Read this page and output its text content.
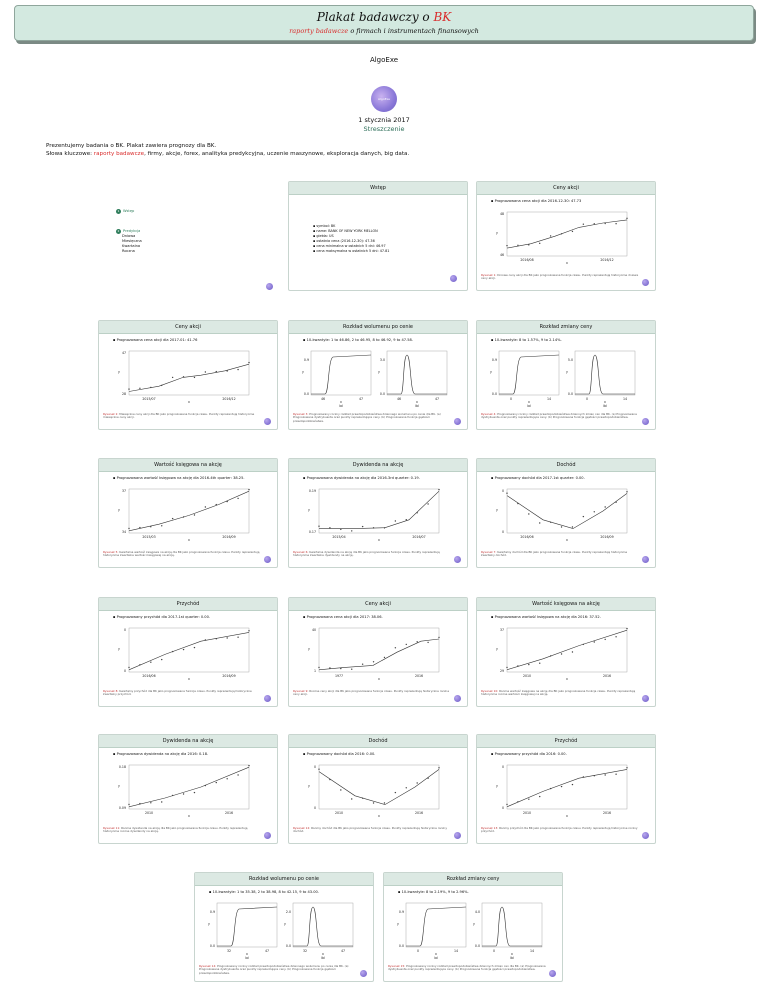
Plakat badawczy o BK
raporty badawcze o firmach i instrumentach finansowych
AlgoExe
AlgoExe
1 stycznia 2017
Streszczenie
Prezentujemy badania o BK. Plakat zawiera prognozy dla BK.
Słowa kluczowe: raporty badawcze, firmy, akcje, forex, analityka predykcyjna, uczenie maszynowe, eksploracja danych, big data.
1 Wstęp
2 Predykcja
Dniowa
Miesięczna
Kwartalna
Roczna
Wstęp
▪ symbol: BK
▪ name: BANK OF NEW YORK MELLON
▪ giełda: US
▪ ostatnia cena (2016-12-30): 47.36
▪ cena minimalna w ostatnich 5 dni: 46.97
▪ cena maksymalna w ostatnich 5 dni: 47.81
Ceny akcji
▪ Prognozowana cena akcji dla 2016-12-30: 47.73
48
46
2016/08	2016/12
x
y
Rysunek 1: Dniowe ceny akcji dla BK jako prognozowana funkcja czasu. Punkty reprezentują historyczne dniowe ceny akcji.
Ceny akcji
▪ Prognozowana cena akcji dla 2017-01: 41.76
47
28
2015/07	2016/12
x
y
Rysunek 2: Miesięczne ceny akcji dla BK jako prognozowana funkcja czasu. Punkty reprezentują historyczne miesięczne ceny akcji.
Rozkład wolumenu po cenie
▪ 10-kwantyle: 1 to 46.86, 2 to 46.95, 8 to 46.92, 9 to 47.58.
0.9
0.0
46	47
x
y
(a)
3.0
0.0
46	47
x
y
(b)
Rysunek 3: Prognozowany roczny rozkład prawdopodobieństwa dziennego wolumenu po cenie dla BK. (a) Prognozowana dystrybuanta oraz punkty reprezentujące ceny. (b) Prognozowana funkcja gęstości prawdopodobieństwa.
Rozkład zmiany ceny
▪ 10-kwantyle: 8 to 1.57%, 9 to 2.14%.
0.9
0.0
0	14
x
y
(a)
5.0
0.0
0	14
x
y
(b)
Rysunek 4: Prognozowany roczny rozkład prawdopodobieństwa dziennych zmian cen dla BK. (a) Prognozowana dystrybuanta oraz punkty reprezentujące ceny. (b) Prognozowana funkcja gęstości prawdopodobieństwa.
Wartość księgowa na akcję
▪ Prognozowana wartość księgowa na akcję dla 2016-4th quarter: 38.25.
37
34
2015/03	2016/09
x
y
Rysunek 5: Kwartalna wartość księgowa na akcję dla BK jako prognozowana funkcja czasu. Punkty reprezentują historyczne kwartalne wartości księgowej na akcję.
Dywidenda na akcję
▪ Prognozowana dywidenda na akcję dla 2016-3rd quarter: 0.19.
0.19
0.17
2015/04	2016/07
x
y
Rysunek 6: Kwartalna dywidenda na akcję dla BK jako prognozowana funkcja czasu. Punkty reprezentują historyczne kwartalne dywidendy na akcję.
Dochód
▪ Prognozowany dochód dla 2017-1st quarter: 0.00.
0
0
2016/06	2016/09
x
y
Rysunek 7: Kwartalny dochód dla BK jako prognozowana funkcja czasu. Punkty reprezentują historyczne kwartalny dochód.
Przychód
▪ Prognozowany przychód dla 2017-1st quarter: 0.00.
0
0
2016/06	2016/09
x
y
Rysunek 8: Kwartalny przychód dla BK jako prognozowana funkcja czasu. Punkty reprezentują historyczne kwartalny przychód.
Ceny akcji
▪ Prognozowana cena akcji dla 2017: 38.06.
40
1
1977	2016
x
y
Rysunek 9: Roczne ceny akcji dla BK jako prognozowana funkcja czasu. Punkty reprezentują historyczne roczne ceny akcji.
Wartość księgowa na akcję
▪ Prognozowana wartość księgowa na akcję dla 2016: 37.52.
37
29
2010	2016
x
y
Rysunek 10: Roczna wartość księgowa na akcję dla BK jako prognozowana funkcja czasu. Punkty reprezentują historyczne roczne wartości księgowej na akcję.
Dywidenda na akcję
▪ Prognozowana dywidenda na akcję dla 2016: 0.18.
0.18
0.09
2010	2016
x
y
Rysunek 11: Roczna dywidenda na akcję dla BK jako prognozowana funkcja czasu. Punkty reprezentują historyczne roczne dywidendy na akcję.
Dochód
▪ Prognozowany dochód dla 2016: 0.00.
0
0
2010	2016
x
y
Rysunek 12: Roczny dochód dla BK jako prognozowana funkcja czasu. Punkty reprezentują historyczne roczny dochód.
Przychód
▪ Prognozowany przychód dla 2016: 0.00.
0
0
2010	2016
x
y
Rysunek 13: Roczny przychód dla BK jako prognozowana funkcja czasu. Punkty reprezentują historyczne roczny przychód.
Rozkład wolumenu po cenie
▪ 10-kwantyle: 1 to 35.38, 2 to 38.98, 8 to 42.15, 9 to 43.00.
0.9
0.0
32	47
x
y
(a)
2.0
0.0
32	47
x
y
(b)
Rysunek 14: Prognozowany roczny rozkład prawdopodobieństwa dziennego wolumenu po cenie dla BK. (a) Prognozowana dystrybuanta oraz punkty reprezentujące ceny. (b) Prognozowana funkcja gęstości prawdopodobieństwa.
Rozkład zmiany ceny
▪ 10-kwantyle: 8 to 2.19%, 9 to 2.96%.
0.9
0.0
0	14
x
y
(a)
4.0
0.0
0	14
x
y
(b)
Rysunek 15: Prognozowany roczny rozkład prawdopodobieństwa dziennych zmian cen dla BK. (a) Prognozowana dystrybuanta oraz punkty reprezentujące ceny. (b) Prognozowana funkcja gęstości prawdopodobieństwa.
